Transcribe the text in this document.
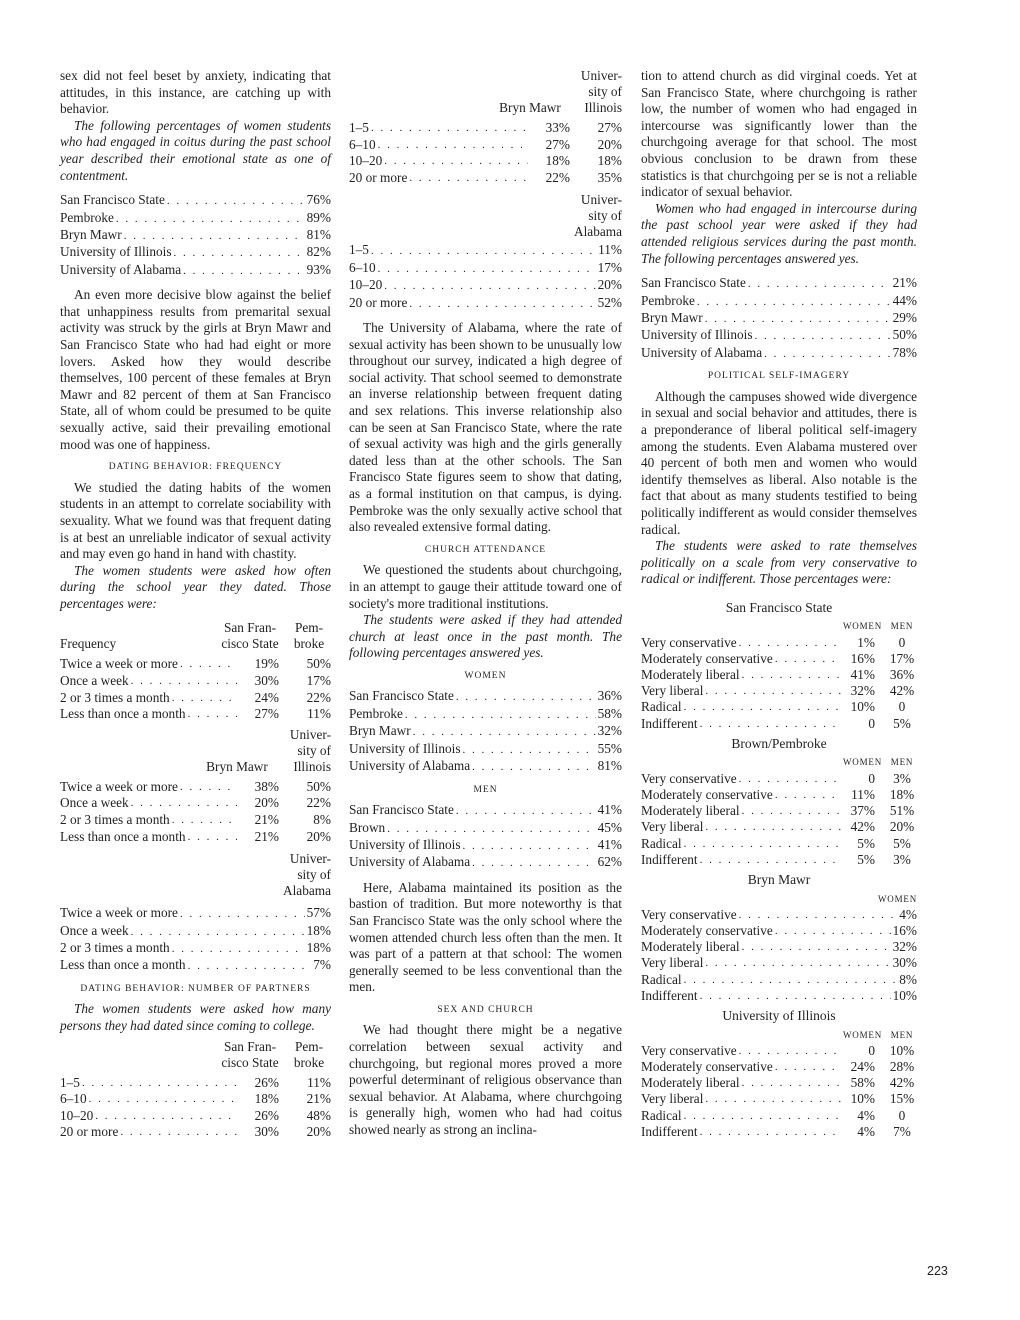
sex did not feel beset by anxiety, indicating that attitudes, in this instance, are catching up with behavior.

The following percentages of women students who had engaged in coitus during the past school year described their emotional state as one of contentment.

San Francisco State . . .	76%
Pembroke . . .	89%
Bryn Mawr . . .	81%
University of Illinois . . .	82%
University of Alabama . . .	93%

An even more decisive blow against the belief that unhappiness results from premarital sexual activity was struck by the girls at Bryn Mawr and San Francisco State who had had eight or more lovers. Asked how they would describe themselves, 100 percent of these females at Bryn Mawr and 82 percent of them at San Francisco State, all of whom could be presumed to be quite sexually active, said their prevailing emotional mood was one of happiness.

DATING BEHAVIOR: FREQUENCY

We studied the dating habits of the women students in an attempt to correlate sociability with sexuality. What we found was that frequent dating is at best an unreliable indicator of sexual activity and may even go hand in hand with chastity.

The women students were asked how often during the school year they dated. Those percentages were:

Frequency
San Fran-
cisco State
Pem-
broke
Twice a week or more . . .	19%	50%
Once a week . . .	30%	17%
2 or 3 times a month . . .	24%	22%
Less than once a month . . .	27%	11%
Bryn Mawr
Univer-
sity of
Illinois
Twice a week or more . . .	38%	50%
Once a week . . .	20%	22%
2 or 3 times a month . . .	21%	8%
Less than once a month . . .	21%	20%
Univer-
sity of
Alabama
Twice a week or more . . .	57%
Once a week . . .	18%
2 or 3 times a month . . .	18%
Less than once a month . . .	7%
DATING BEHAVIOR: NUMBER OF PARTNERS

The women students were asked how many persons they had dated since coming to college.

San Fran-
cisco State
Pem-
broke
1–5 . . .	26%	11%
6–10 . . .	18%	21%
10–20 . . .	26%	48%
20 or more . . .	30%	20%
Bryn Mawr
Univer-
sity of
Illinois
1–5 . . .	33%	27%
6–10 . . .	27%	20%
10–20 . . .	18%	18%
20 or more . . .	22%	35%
Univer-
sity of
Alabama
1–5 . . .	11%
6–10 . . .	17%
10–20 . . .	20%
20 or more . . .	52%

The University of Alabama, where the rate of sexual activity has been shown to be unusually low throughout our survey, indicated a high degree of social activity. That school seemed to demonstrate an inverse relationship between frequent dating and sex relations. This inverse relationship also can be seen at San Francisco State, where the rate of sexual activity was high and the girls generally dated less than at the other schools. The San Francisco State figures seem to show that dating, as a formal institution on that campus, is dying. Pembroke was the only sexually active school that also revealed extensive formal dating.

CHURCH ATTENDANCE

We questioned the students about churchgoing, in an attempt to gauge their attitude toward one of society's more traditional institutions.

The students were asked if they had attended church at least once in the past month. The following percentages answered yes.

WOMEN
San Francisco State . . .	36%
Pembroke . . .	58%
Bryn Mawr . . .	32%
University of Illinois . . .	55%
University of Alabama . . .	81%
MEN
San Francisco State . . .	41%
Brown . . .	45%
University of Illinois . . .	41%
University of Alabama . . .	62%

Here, Alabama maintained its position as the bastion of tradition. But more noteworthy is that San Francisco State was the only school where the women attended church less often than the men. It was part of a pattern at that school: The women generally seemed to be less conventional than the men.

SEX AND CHURCH

We had thought there might be a negative correlation between sexual activity and churchgoing, but regional mores proved a more powerful determinant of religious observance than sexual behavior. At Alabama, where churchgoing is generally high, women who had had coitus showed nearly as strong an inclina-

tion to attend church as did virginal coeds. Yet at San Francisco State, where churchgoing is rather low, the number of women who had engaged in intercourse was significantly lower than the churchgoing average for that school. The most obvious conclusion to be drawn from these statistics is that churchgoing per se is not a reliable indicator of sexual behavior.

Women who had engaged in intercourse during the past school year were asked if they had attended religious services during the past month. The following percentages answered yes.

San Francisco State . . .	21%
Pembroke . . .	44%
Bryn Mawr . . .	29%
University of Illinois . . .	50%
University of Alabama . . .	78%
POLITICAL SELF-IMAGERY

Although the campuses showed wide divergence in sexual and social behavior and attitudes, there is a preponderance of liberal political self-imagery among the students. Even Alabama mustered over 40 percent of both men and women who would identify themselves as liberal. Also notable is the fact that about as many students testified to being politically indifferent as would consider themselves radical.

The students were asked to rate themselves politically on a scale from very conservative to radical or indifferent. Those percentages were:

San Francisco State
WOMEN MEN
Very conservative . . .	1%	0
Moderately conservative . . .	16%	17%
Moderately liberal . . .	41%	36%
Very liberal . . .	32%	42%
Radical . . .	10%	0
Indifferent . . .	0	5%
Brown/Pembroke
WOMEN MEN
Very conservative . . .	0	3%
Moderately conservative . . .	11%	18%
Moderately liberal . . .	37%	51%
Very liberal . . .	42%	20%
Radical . . .	5%	5%
Indifferent . . .	5%	3%
Bryn Mawr
WOMEN
Very conservative . . .	4%
Moderately conservative . . .	16%
Moderately liberal . . .	32%
Very liberal . . .	30%
Radical . . .	8%
Indifferent . . .	10%
University of Illinois
WOMEN MEN
Very conservative . . .	0	10%
Moderately conservative . . .	24%	28%
Moderately liberal . . .	58%	42%
Very liberal . . .	10%	15%
Radical . . .	4%	0
Indifferent . . .	4%	7%
223
